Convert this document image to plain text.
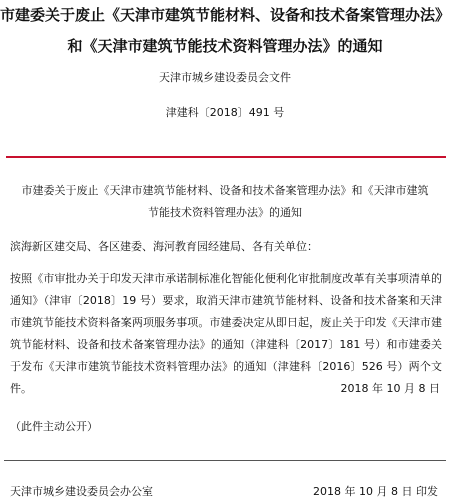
市建委关于废止《天津市建筑节能材料、设备和技术备案管理办法》
和《天津市建筑节能技术资料管理办法》的通知
天津市城乡建设委员会文件
津建科〔2018〕491 号
市建委关于废止《天津市建筑节能材料、设备和技术备案管理办法》和《天津市建筑
节能技术资料管理办法》的通知
滨海新区建交局、各区建委、海河教育园经建局、各有关单位：
按照《市审批办关于印发天津市承诺制标准化智能化便利化审批制度改革有关事项清单的通知》（津审〔2018〕19 号）要求，取消天津市建筑节能材料、设备和技术备案和天津市建筑节能技术资料备案两项服务事项。市建委决定从即日起，废止关于印发《天津市建筑节能材料、设备和技术备案管理办法》的通知（津建科〔2017〕181 号）和市建委关于发布《天津市建筑节能技术资料管理办法》的通知（津建科〔2016〕526 号）两个文件。	2018 年 10 月 8 日
（此件主动公开）
天津市城乡建设委员会办公室	2018 年 10 月 8 日 印发
